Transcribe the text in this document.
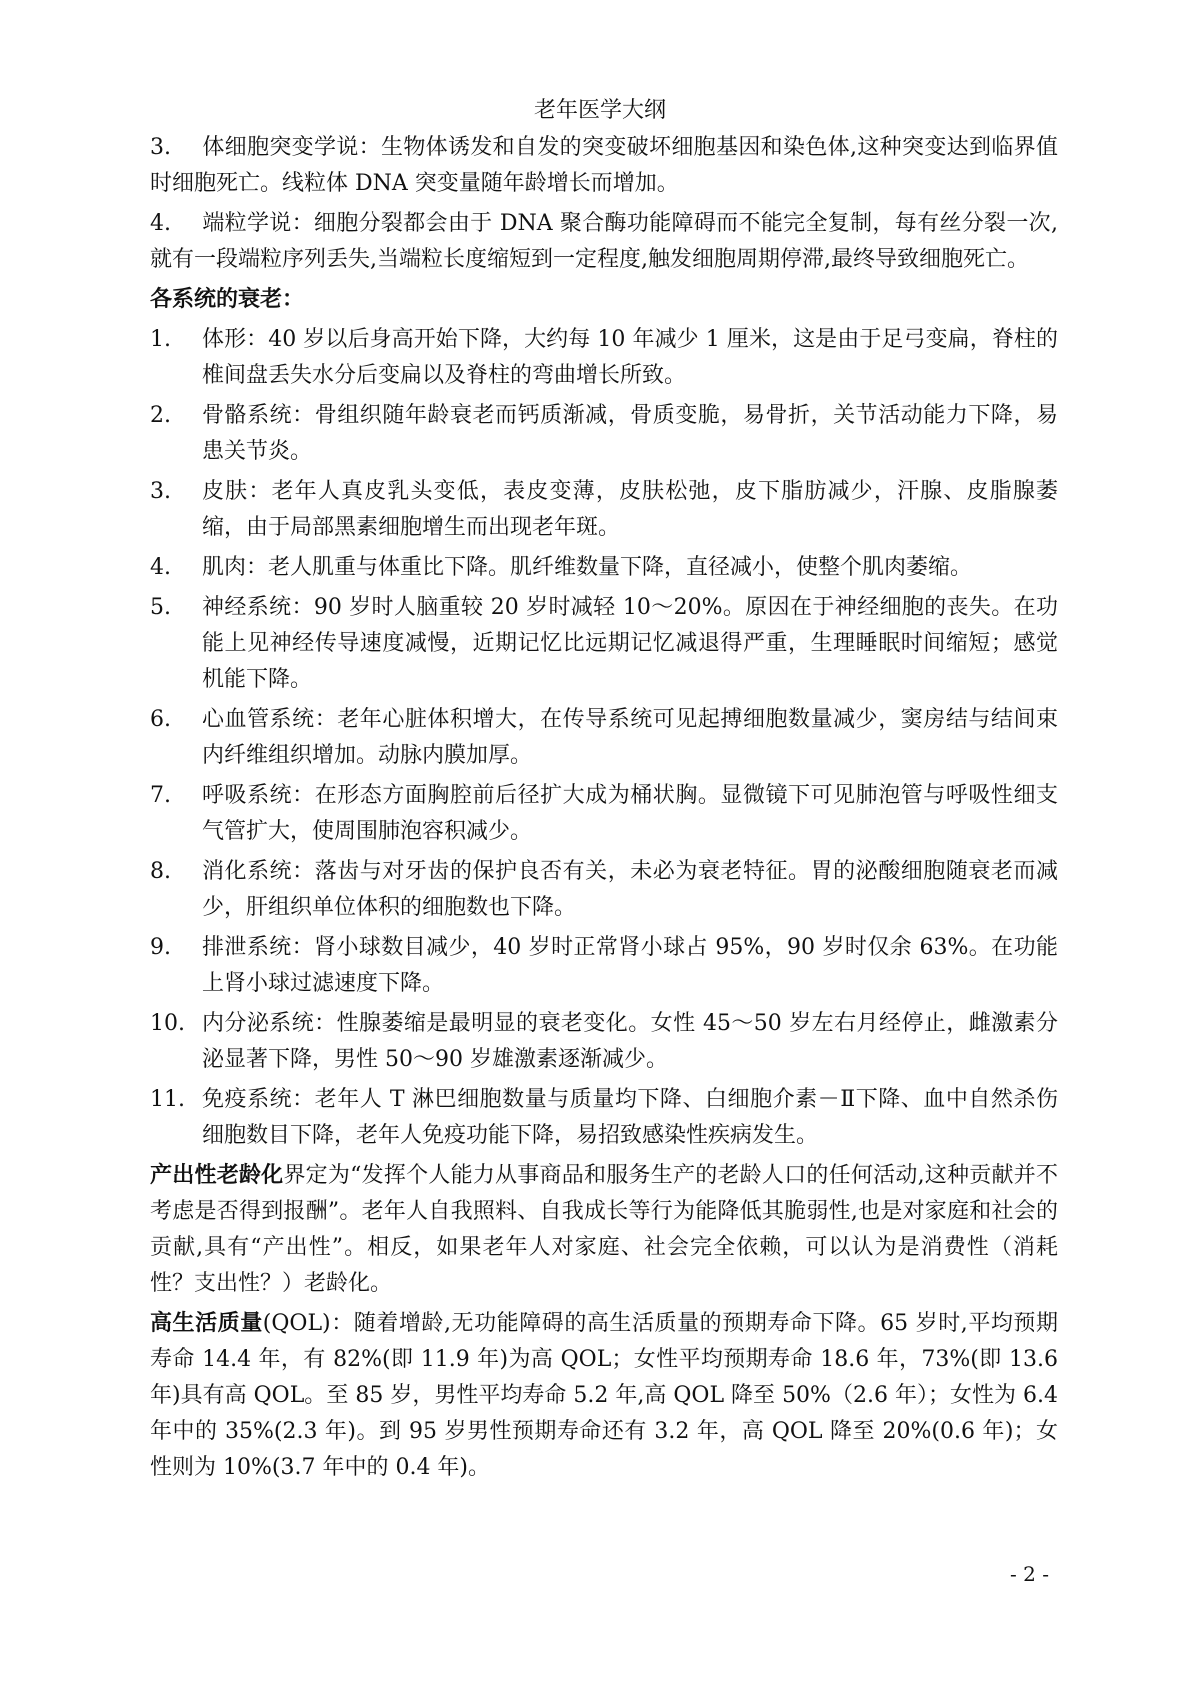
老年医学大纲
3. 体细胞突变学说：生物体诱发和自发的突变破坏细胞基因和染色体,这种突变达到临界值时细胞死亡。线粒体 DNA 突变量随年龄增长而增加。
4. 端粒学说：细胞分裂都会由于 DNA 聚合酶功能障碍而不能完全复制，每有丝分裂一次,就有一段端粒序列丢失,当端粒长度缩短到一定程度,触发细胞周期停滞,最终导致细胞死亡。
各系统的衰老：
1.	体形：40 岁以后身高开始下降，大约每 10 年减少 1 厘米，这是由于足弓变扁，脊柱的椎间盘丢失水分后变扁以及脊柱的弯曲增长所致。
2.	骨骼系统：骨组织随年龄衰老而钙质渐减，骨质变脆，易骨折，关节活动能力下降，易患关节炎。
3.	皮肤：老年人真皮乳头变低，表皮变薄，皮肤松弛，皮下脂肪减少，汗腺、皮脂腺萎缩，由于局部黑素细胞增生而出现老年斑。
4.	肌肉：老人肌重与体重比下降。肌纤维数量下降，直径减小，使整个肌肉萎缩。
5.	神经系统：90 岁时人脑重较 20 岁时减轻 10～20%。原因在于神经细胞的丧失。在功能上见神经传导速度减慢，近期记忆比远期记忆减退得严重，生理睡眠时间缩短；感觉机能下降。
6.	心血管系统：老年心脏体积增大，在传导系统可见起搏细胞数量减少，窦房结与结间束内纤维组织增加。动脉内膜加厚。
7.	呼吸系统：在形态方面胸腔前后径扩大成为桶状胸。显微镜下可见肺泡管与呼吸性细支气管扩大，使周围肺泡容积减少。
8.	消化系统：落齿与对牙齿的保护良否有关，未必为衰老特征。胃的泌酸细胞随衰老而减少，肝组织单位体积的细胞数也下降。
9.	排泄系统：肾小球数目减少，40 岁时正常肾小球占 95%，90 岁时仅余 63%。在功能上肾小球过滤速度下降。
10. 内分泌系统：性腺萎缩是最明显的衰老变化。女性 45～50 岁左右月经停止，雌激素分泌显著下降，男性 50～90 岁雄激素逐渐减少。
11. 免疫系统：老年人 T 淋巴细胞数量与质量均下降、白细胞介素－Ⅱ下降、血中自然杀伤细胞数目下降，老年人免疫功能下降，易招致感染性疾病发生。
产出性老龄化界定为“发挥个人能力从事商品和服务生产的老龄人口的任何活动,这种贡献并不考虑是否得到报酬”。老年人自我照料、自我成长等行为能降低其脆弱性,也是对家庭和社会的贡献,具有“产出性”。相反，如果老年人对家庭、社会完全依赖，可以认为是消费性（消耗性？支出性？）老龄化。
高生活质量(QOL)：随着增龄,无功能障碍的高生活质量的预期寿命下降。65 岁时,平均预期寿命 14.4 年，有 82%(即 11.9 年)为高 QOL；女性平均预期寿命 18.6 年，73%(即 13.6 年)具有高 QOL。至 85 岁，男性平均寿命 5.2 年,高 QOL 降至 50%（2.6 年）；女性为 6.4 年中的 35%(2.3 年)。到 95 岁男性预期寿命还有 3.2 年，高 QOL 降至 20%(0.6 年)；女性则为 10%(3.7 年中的 0.4 年)。
- 2 -
